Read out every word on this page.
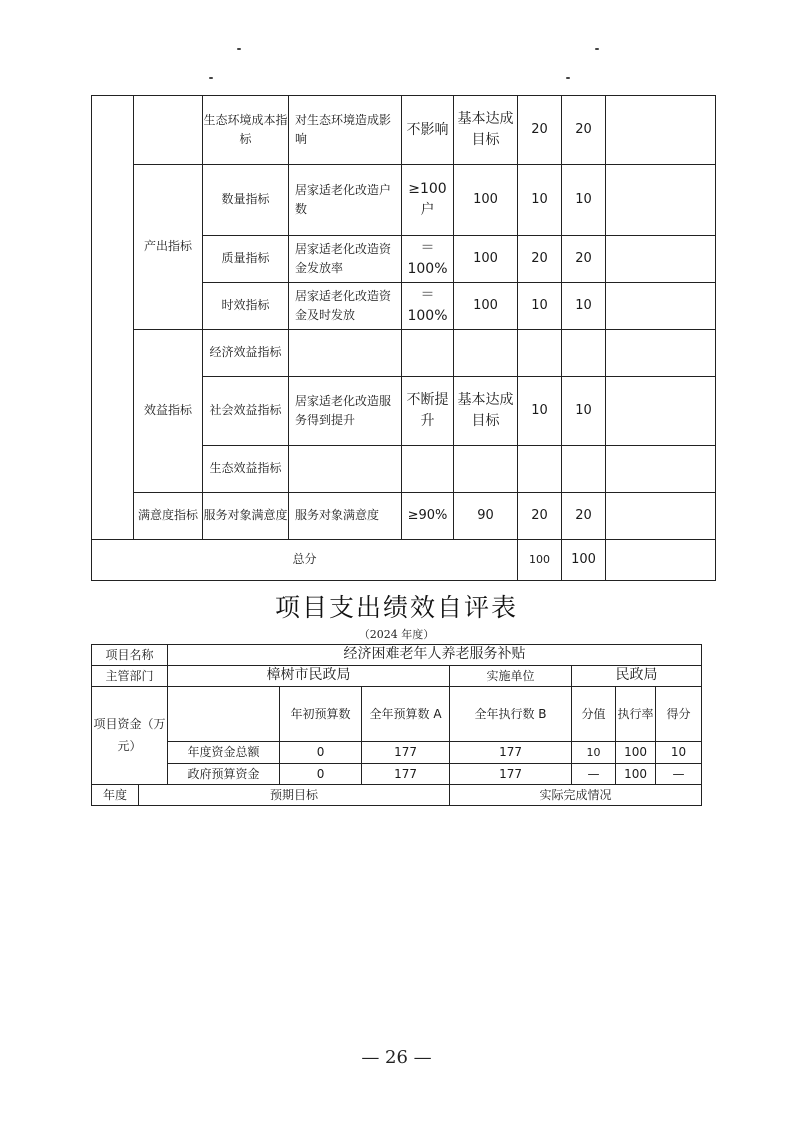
		生态环境成本指标	对生态环境造成影响	不影响	基本达成目标	20	20	
	产出指标	数量指标	居家适老化改造户数	≥100户	100	10	10	
		质量指标	居家适老化改造资金发放率	＝100%	100	20	20	
		时效指标	居家适老化改造资金及时发放	＝100%	100	10	10	
	效益指标	经济效益指标						
		社会效益指标	居家适老化改造服务得到提升	不断提升	基本达成目标	10	10	
		生态效益指标						
	满意度指标	服务对象满意度	服务对象满意度	≥90%	90	20	20	
总分						100	100	
项目支出绩效自评表
（2024 年度）
项目名称		经济困难老年人养老服务补贴						
主管部门		樟树市民政局			实施单位	民政局		
项目资金（万元）			年初预算数	全年预算数 A	全年执行数 B	分值	执行率	得分
		年度资金总额	0	177	177	10	100	10
		政府预算资金	0	177	177	—	100	—
年度	预期目标				实际完成情况			
— 26 —
